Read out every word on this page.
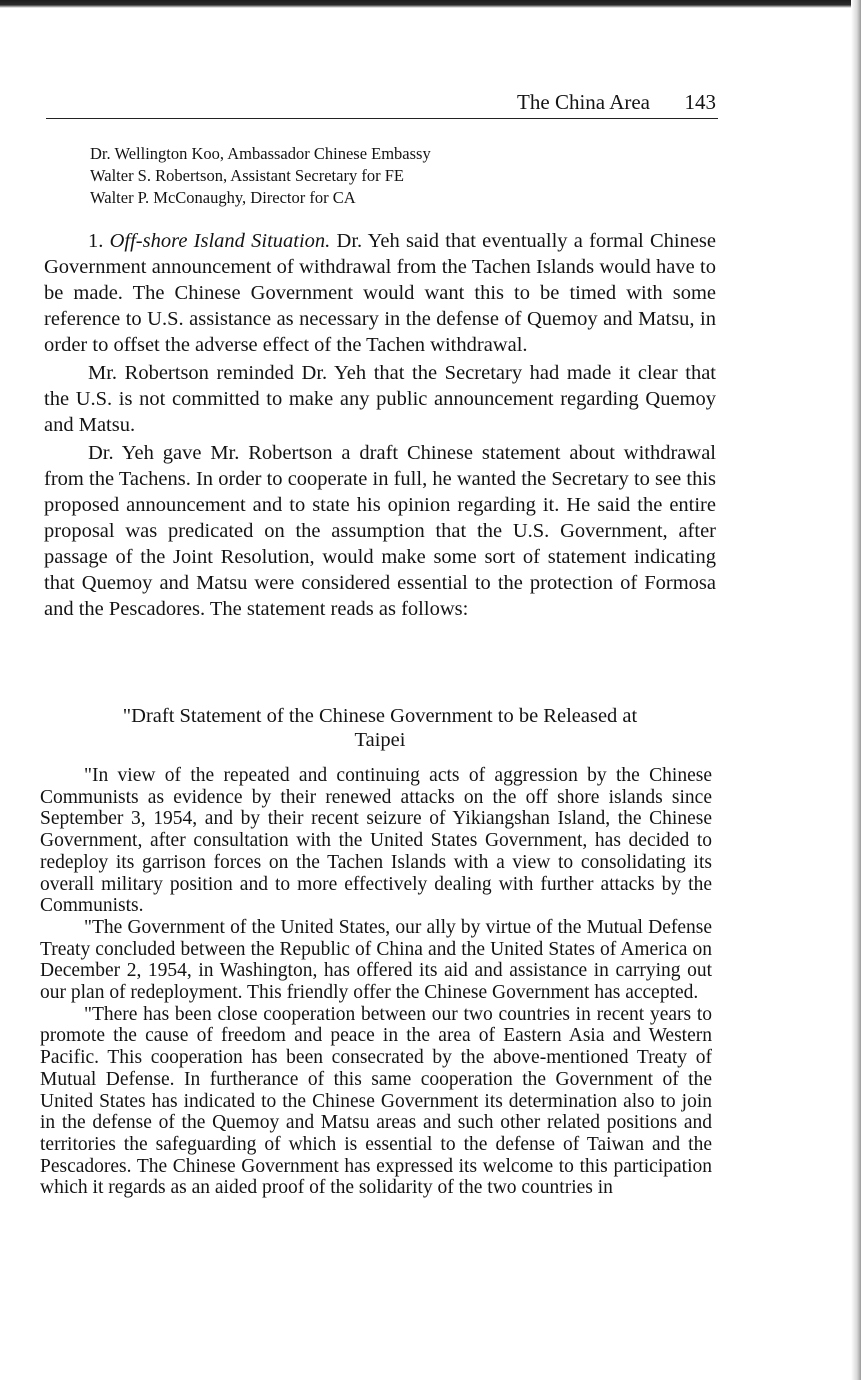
The China Area 143
Dr. Wellington Koo, Ambassador Chinese Embassy
Walter S. Robertson, Assistant Secretary for FE
Walter P. McConaughy, Director for CA

1. Off-shore Island Situation. Dr. Yeh said that eventually a formal Chinese Government announcement of withdrawal from the Tachen Islands would have to be made. The Chinese Government would want this to be timed with some reference to U.S. assistance as necessary in the defense of Quemoy and Matsu, in order to offset the adverse effect of the Tachen withdrawal.

Mr. Robertson reminded Dr. Yeh that the Secretary had made it clear that the U.S. is not committed to make any public announcement regarding Quemoy and Matsu.

Dr. Yeh gave Mr. Robertson a draft Chinese statement about withdrawal from the Tachens. In order to cooperate in full, he wanted the Secretary to see this proposed announcement and to state his opinion regarding it. He said the entire proposal was predicated on the assumption that the U.S. Government, after passage of the Joint Resolution, would make some sort of statement indicating that Quemoy and Matsu were considered essential to the protection of Formosa and the Pescadores. The statement reads as follows:

"Draft Statement of the Chinese Government to be Released at
Taipei

"In view of the repeated and continuing acts of aggression by the Chinese Communists as evidence by their renewed attacks on the off shore islands since September 3, 1954, and by their recent seizure of Yikiangshan Island, the Chinese Government, after consultation with the United States Government, has decided to redeploy its garrison forces on the Tachen Islands with a view to consolidating its overall military position and to more effectively dealing with further attacks by the Communists.

"The Government of the United States, our ally by virtue of the Mutual Defense Treaty concluded between the Republic of China and the United States of America on December 2, 1954, in Washington, has offered its aid and assistance in carrying out our plan of redeployment. This friendly offer the Chinese Government has accepted.

"There has been close cooperation between our two countries in recent years to promote the cause of freedom and peace in the area of Eastern Asia and Western Pacific. This cooperation has been consecrated by the above-mentioned Treaty of Mutual Defense. In furtherance of this same cooperation the Government of the United States has indicated to the Chinese Government its determination also to join in the defense of the Quemoy and Matsu areas and such other related positions and territories the safeguarding of which is essential to the defense of Taiwan and the Pescadores. The Chinese Government has expressed its welcome to this participation which it regards as an aided proof of the solidarity of the two countries in
